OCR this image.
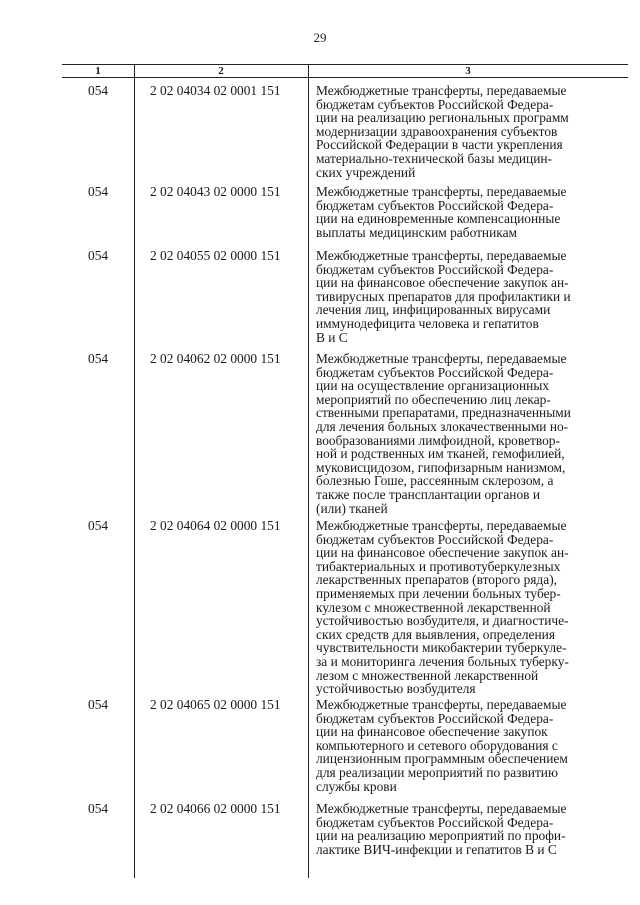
29
1	2	3
054	2 02 04034 02 0001 151	Межбюджетные трансферты, передаваемые
бюджетам субъектов Российской Федера-
ции на реализацию региональных программ
модернизации здравоохранения субъектов
Российской Федерации в части укрепления
материально-технической базы медицин-
ских учреждений
054	2 02 04043 02 0000 151	Межбюджетные трансферты, передаваемые
бюджетам субъектов Российской Федера-
ции на единовременные компенсационные
выплаты медицинским работникам
054	2 02 04055 02 0000 151	Межбюджетные трансферты, передаваемые
бюджетам субъектов Российской Федера-
ции на финансовое обеспечение закупок ан-
тивирусных препаратов для профилактики и
лечения лиц, инфицированных вирусами
иммунодефицита человека и гепатитов
В и С
054	2 02 04062 02 0000 151	Межбюджетные трансферты, передаваемые
бюджетам субъектов Российской Федера-
ции на осуществление организационных
мероприятий по обеспечению лиц лекар-
ственными препаратами, предназначенными
для лечения больных злокачественными но-
вообразованиями лимфоидной, кроветвор-
ной и родственных им тканей, гемофилией,
муковисцидозом, гипофизарным нанизмом,
болезнью Гоше, рассеянным склерозом, а
также после трансплантации органов и
(или) тканей
054	2 02 04064 02 0000 151	Межбюджетные трансферты, передаваемые
бюджетам субъектов Российской Федера-
ции на финансовое обеспечение закупок ан-
тибактериальных и противотуберкулезных
лекарственных препаратов (второго ряда),
применяемых при лечении больных тубер-
кулезом с множественной лекарственной
устойчивостью возбудителя, и диагностиче-
ских средств для выявления, определения
чувствительности микобактерии туберкуле-
за и мониторинга лечения больных туберку-
лезом с множественной лекарственной
устойчивостью возбудителя
054	2 02 04065 02 0000 151	Межбюджетные трансферты, передаваемые
бюджетам субъектов Российской Федера-
ции на финансовое обеспечение закупок
компьютерного и сетевого оборудования с
лицензионным программным обеспечением
для реализации мероприятий по развитию
службы крови
054	2 02 04066 02 0000 151	Межбюджетные трансферты, передаваемые
бюджетам субъектов Российской Федера-
ции на реализацию мероприятий по профи-
лактике ВИЧ-инфекции и гепатитов В и С
